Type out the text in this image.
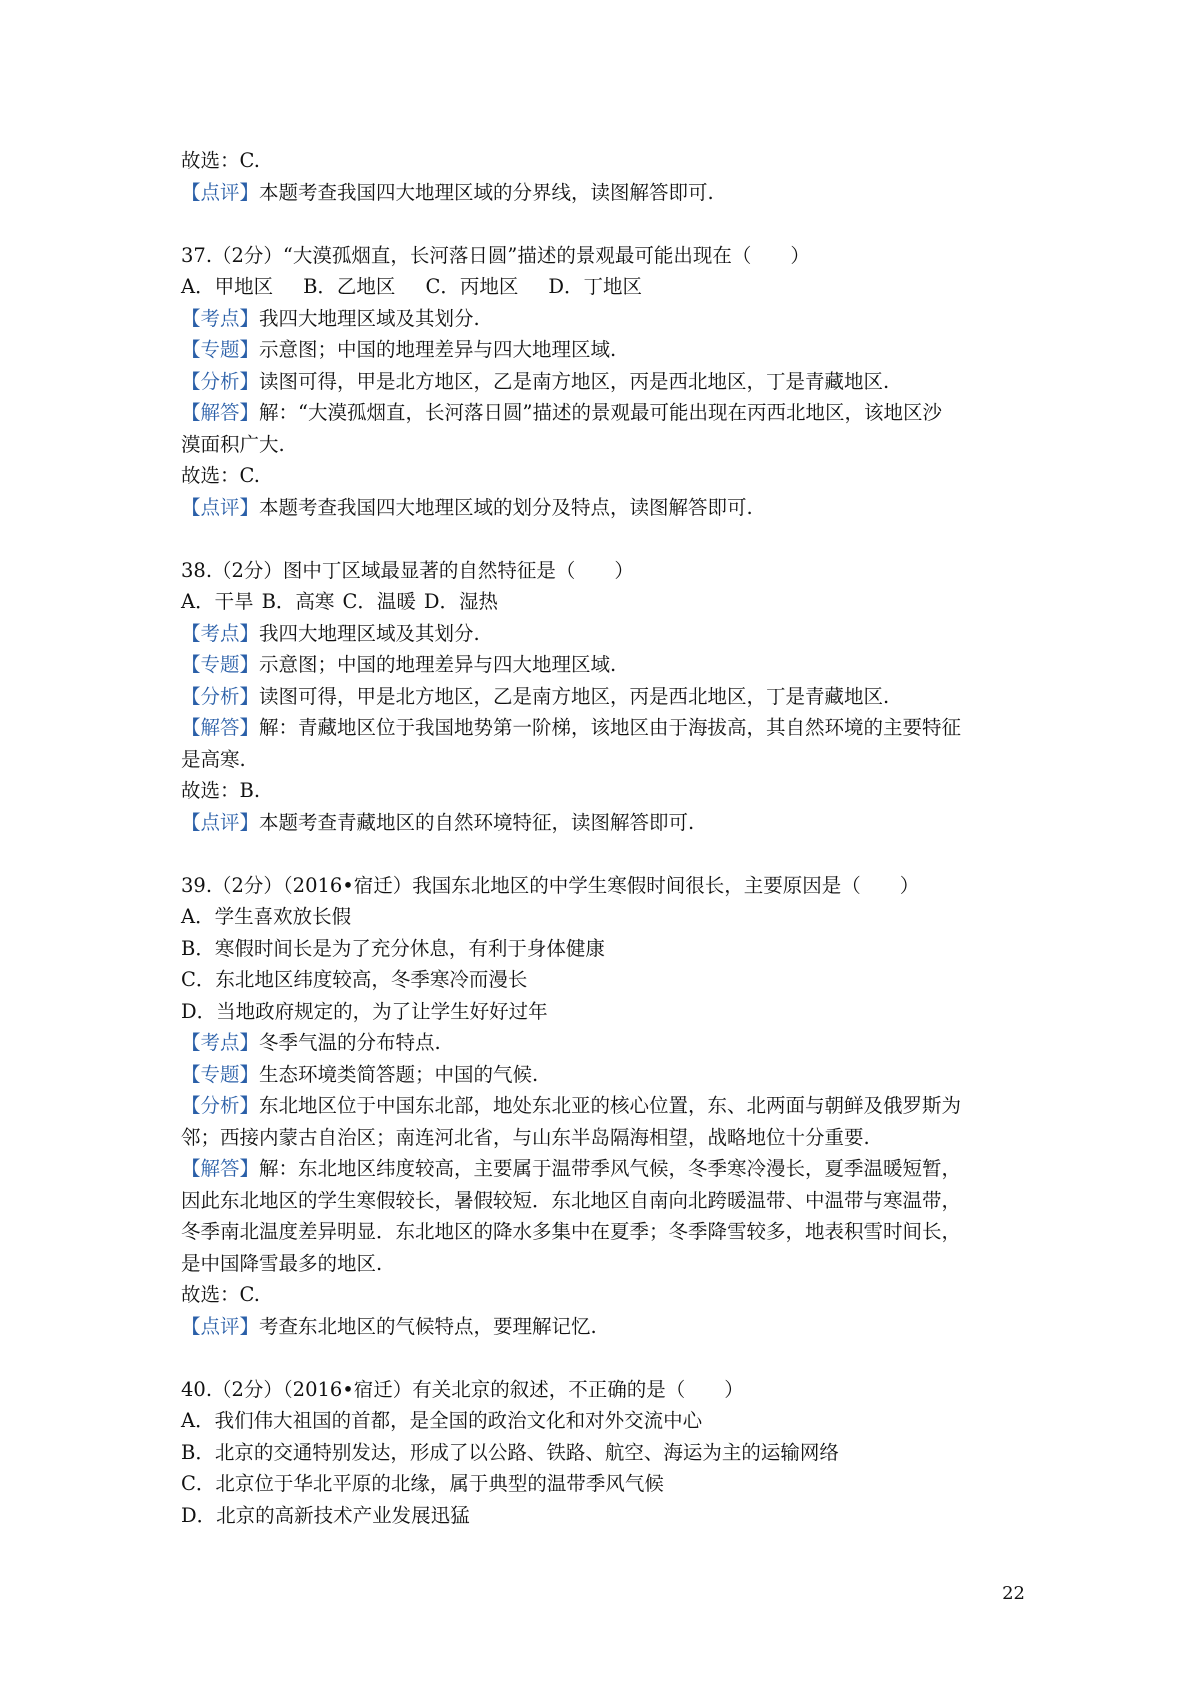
故选：C.
【点评】本题考查我国四大地理区域的分界线，读图解答即可.
37.（2分）“大漠孤烟直，长河落日圆”描述的景观最可能出现在（　　）
A．甲地区 B．乙地区 C．丙地区 D．丁地区
【考点】我四大地理区域及其划分.
【专题】示意图；中国的地理差异与四大地理区域.
【分析】读图可得，甲是北方地区，乙是南方地区，丙是西北地区，丁是青藏地区.
【解答】解：“大漠孤烟直，长河落日圆”描述的景观最可能出现在丙西北地区，该地区沙
漠面积广大.
故选：C.
【点评】本题考查我国四大地理区域的划分及特点，读图解答即可.
38.（2分）图中丁区域最显著的自然特征是（　　）
A．干旱 B．高寒 C．温暖 D．湿热
【考点】我四大地理区域及其划分.
【专题】示意图；中国的地理差异与四大地理区域.
【分析】读图可得，甲是北方地区，乙是南方地区，丙是西北地区，丁是青藏地区.
【解答】解：青藏地区位于我国地势第一阶梯，该地区由于海拔高，其自然环境的主要特征
是高寒.
故选：B.
【点评】本题考查青藏地区的自然环境特征，读图解答即可.
39.（2分）（2016•宿迁）我国东北地区的中学生寒假时间很长，主要原因是（　　）
A．学生喜欢放长假
B．寒假时间长是为了充分休息，有利于身体健康
C．东北地区纬度较高，冬季寒冷而漫长
D．当地政府规定的，为了让学生好好过年
【考点】冬季气温的分布特点.
【专题】生态环境类简答题；中国的气候.
【分析】东北地区位于中国东北部，地处东北亚的核心位置，东、北两面与朝鲜及俄罗斯为
邻；西接内蒙古自治区；南连河北省，与山东半岛隔海相望，战略地位十分重要.
【解答】解：东北地区纬度较高，主要属于温带季风气候，冬季寒冷漫长，夏季温暖短暂，
因此东北地区的学生寒假较长，暑假较短．东北地区自南向北跨暖温带、中温带与寒温带，
冬季南北温度差异明显．东北地区的降水多集中在夏季；冬季降雪较多，地表积雪时间长，
是中国降雪最多的地区.
故选：C.
【点评】考查东北地区的气候特点，要理解记忆.
40.（2分）（2016•宿迁）有关北京的叙述，不正确的是（　　）
A．我们伟大祖国的首都，是全国的政治文化和对外交流中心
B．北京的交通特别发达，形成了以公路、铁路、航空、海运为主的运输网络
C．北京位于华北平原的北缘，属于典型的温带季风气候
D．北京的高新技术产业发展迅猛
22
